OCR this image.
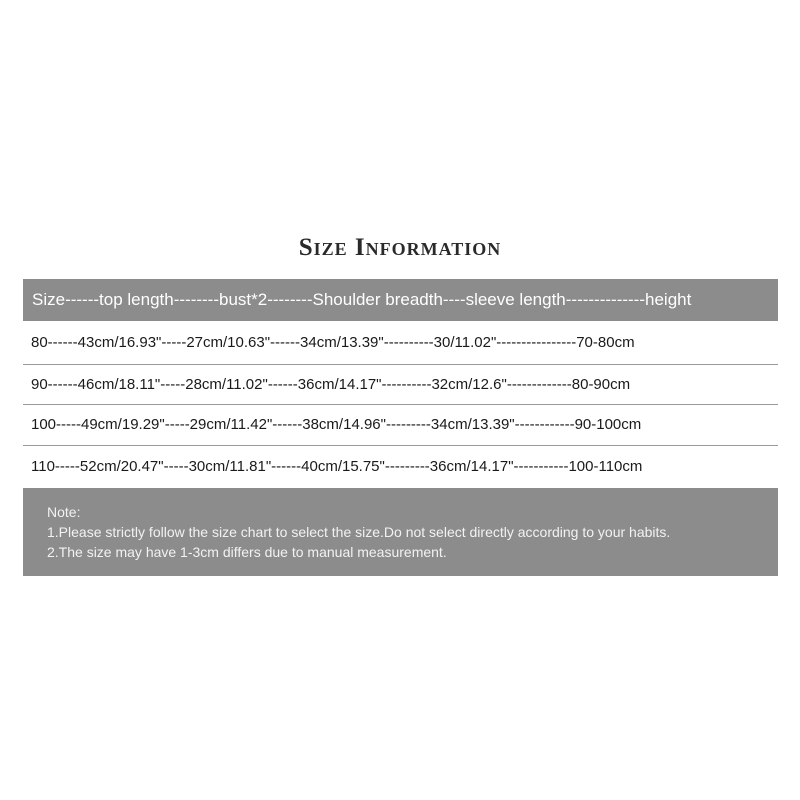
Size Information
Size------top length--------bust*2--------Shoulder breadth----sleeve length--------------height
80------43cm/16.93"-----27cm/10.63"------34cm/13.39"----------30/11.02"----------------70-80cm
90------46cm/18.11"-----28cm/11.02"------36cm/14.17"----------32cm/12.6"-------------80-90cm
100-----49cm/19.29"-----29cm/11.42"------38cm/14.96"---------34cm/13.39"------------90-100cm
110-----52cm/20.47"-----30cm/11.81"------40cm/15.75"---------36cm/14.17"-----------100-110cm
Note:
1.Please strictly follow the size chart to select the size.Do not select directly according to your habits.
2.The size may have 1-3cm differs due to manual measurement.
